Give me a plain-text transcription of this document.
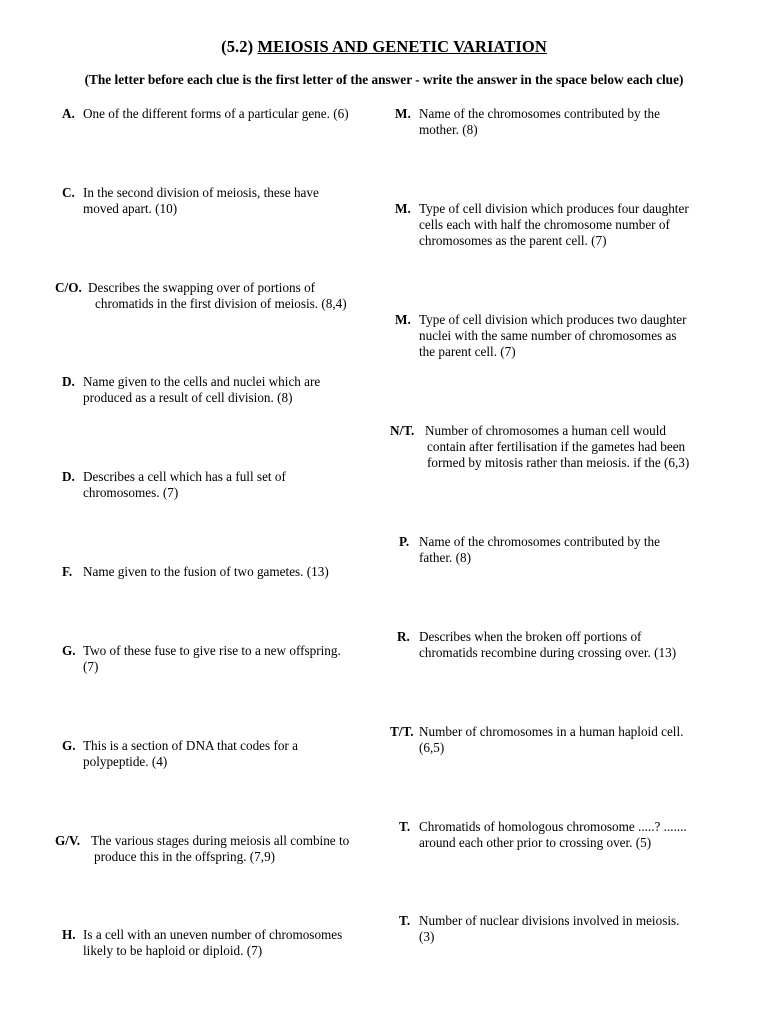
(5.2) MEIOSIS AND GENETIC VARIATION
(The letter before each clue is the first letter of the answer - write the answer in the space below each clue)
A. One of the different forms of a particular gene. (6)
C. In the second division of meiosis, these have
moved apart. (10)
C/O. Describes the swapping over of portions of
chromatids in the first division of meiosis. (8,4)
D. Name given to the cells and nuclei which are
produced as a result of cell division. (8)
D. Describes a cell which has a full set of
chromosomes. (7)
F. Name given to the fusion of two gametes. (13)
G. Two of these fuse to give rise to a new offspring.
(7)
G. This is a section of DNA that codes for a
polypeptide. (4)
G/V. The various stages during meiosis all combine to
produce this in the offspring. (7,9)
H. Is a cell with an uneven number of chromosomes
likely to be haploid or diploid. (7)
M. Name of the chromosomes contributed by the
mother. (8)
M. Type of cell division which produces four daughter
cells each with half the chromosome number of
chromosomes as the parent cell. (7)
M. Type of cell division which produces two daughter
nuclei with the same number of chromosomes as
the parent cell. (7)
N/T. Number of chromosomes a human cell would
contain after fertilisation if the gametes had been
formed by mitosis rather than meiosis. if the (6,3)
P. Name of the chromosomes contributed by the
father. (8)
R. Describes when the broken off portions of
chromatids recombine during crossing over. (13)
T/T. Number of chromosomes in a human haploid cell.
(6,5)
T. Chromatids of homologous chromosome .....? .......
around each other prior to crossing over. (5)
T. Number of nuclear divisions involved in meiosis.
(3)
